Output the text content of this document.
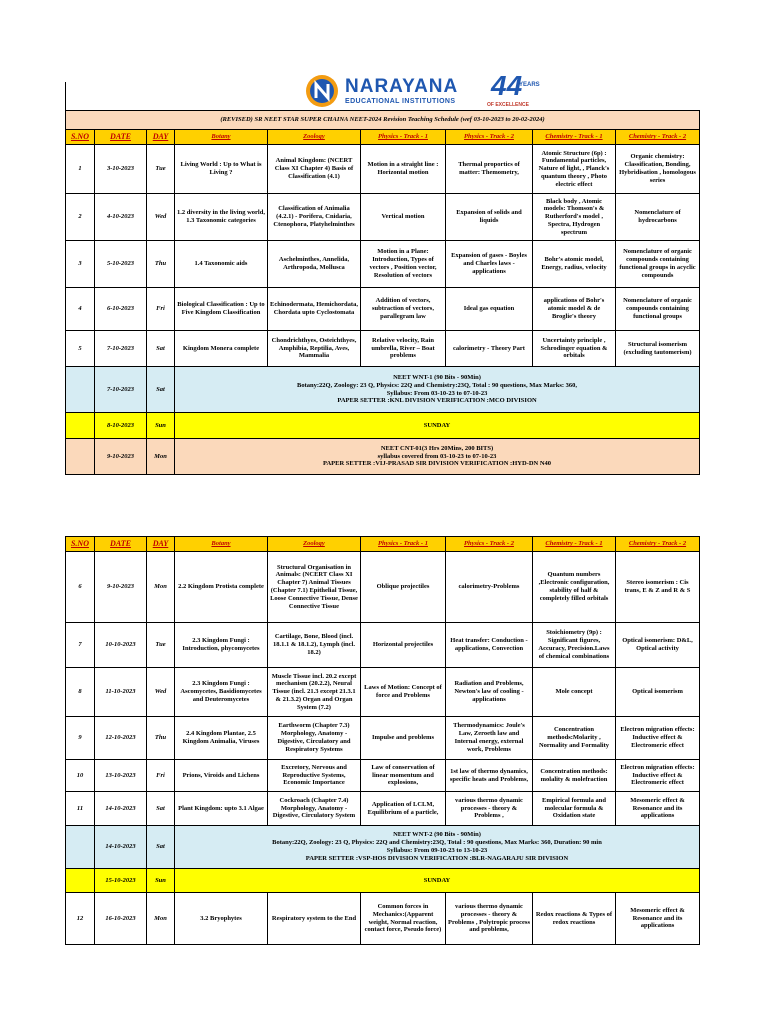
NARAYANA
EDUCATIONAL INSTITUTIONS
44
YEARS
OF EXCELLENCE
(REVISED) SR NEET STAR SUPER CHAINA NEET-2024 Revision Teaching Schedule (wef 03-10-2023 to 20-02-2024)								
S.NO	DATE	DAY	Botany	Zoology	Physics - Track - 1	Physics - Track - 2	Chemistry - Track - 1	Chemistry - Track - 2
1	3-10-2023	Tue	Living World : Up to What is Living ?	Animal Kingdom: (NCERT Class XI Chapter 4) Basis of Classification (4.1)	Motion in a straight line : Horizontal motion	Thermal proportics of matter: Themometry,	Atomic Structure (6p) : Fundamental particles, Nature of light, , Planck's quantum theory , Photo electric effect	Organic chemistry: Classification, Bonding, Hybridisation , homologous series
2	4-10-2023	Wed	1.2 diversity in the living world, 1.3 Taxonomic categories	Classification of Animalia (4.2.1) - Porifera, Cnidaria, Ctenophora, Platyhelminthes	Vertical motion	Expansion of solids and liquids	Black body , Atomic models: Thomson's & Rutherford's model , Spectra, Hydrogen spectrum	Nomenclature of hydrocarbons
3	5-10-2023	Thu	1.4 Taxonomic aids	Aschelminthes, Annelida, Arthropoda, Mollusca	Motion in a Plane: Introduction, Types of vectors , Position vector, Resolution of vectors	Expansion of gases - Boyles and Charles laws - applications	Bohr's atomic model, Energy, radius, velocity	Nomenclature of organic compounds containing functional groups in acyclic compounds
4	6-10-2023	Fri	Biological Classification : Up to Five Kingdom Classification	Echinodermata, Hemichordata, Chordata upto Cyclostomata	Addition of vectors, subtraction of vectors, parallegram law	Ideal gas equation	applications of Bohr's atomic model & de Broglie's theory	Nomenclature of organic compounds containing functional groups
5	7-10-2023	Sat	Kingdom Monera complete	Chondrichthyes, Osteichthyes, Amphibia, Reptilia, Aves, Mammalia	Relative velocity, Rain umbrella, River – Boat problems	calorimetry - Theory Part	Uncertainty principle , Schrodinger equation & orbitals	Structural isomerism (excluding tautomerism)
	7-10-2023	Sat	NEET WNT-1 (90 Bits - 90Min)
Botany:22Q, Zoology: 23 Q, Physics: 22Q and Chemistry:23Q, Total : 90 questions, Max Marks: 360,
Syllabus: From 03-10-23 to 07-10-23
PAPER SETTER :KNL DIVISION VERIFICATION :MCO DIVISION					

	8-10-2023	Sun	SUNDAY					
	9-10-2023	Mon	NEET CNT-01(3 Hrs 20Mins, 200 BITS)
syllabus covered from 03-10-23 to 07-10-23
PAPER SETTER :VIJ-PRASAD SIR DIVISION VERIFICATION :HYD-DN N40					
S.NO	DATE	DAY	Botany	Zoology	Physics - Track - 1	Physics - Track - 2	Chemistry - Track - 1	Chemistry - Track - 2
6	9-10-2023	Mon	2.2 Kingdom Protista complete	Structural Organisation in Animals: (NCERT Class XI Chapter 7) Animal Tissues (Chapter 7.1) Epithelial Tissue, Loose Connective Tissue, Dense Connective Tissue	Oblique projectiles	calorimetry-Problems	Quantum numbers ,Electronic configuration, stability of half & completely filled orbitals	Stereo isomerism : Cis trans, E & Z and R & S
7	10-10-2023	Tue	2.3 Kingdom Fungi : Introduction, phycomycetes	Cartilage, Bone, Blood (incl. 18.1.1 & 18.1.2), Lymph (incl. 18.2)	Horizontal projectiles	Heat transfer: Conduction - applications, Convection	Stoichiometry (9p) : Significant figures, Accuracy, Precision.Laws of chemical combinations	Optical isomerism: D&L, Optical activity
8	11-10-2023	Wed	2.3 Kingdom Fungi : Ascomycetes, Basidiomycetes and Deuteromycetes	Muscle Tissue incl. 20.2 except mechanism (20.2.2), Neural Tissue (incl. 21.3 except 21.3.1 & 21.3.2) Organ and Organ System (7.2)	Laws of Motion: Concept of force and Problems	Radiation and Problems, Newton's law of cooling - applications	Mole concept	Optical isomerism
9	12-10-2023	Thu	2.4 Kingdom Plantae, 2.5 Kingdom Animalia, Viruses	Earthworm (Chapter 7.3) Morphology, Anatomy - Digestive, Circulatory and Respiratory Systems	Impulse and problems	Thermodynamics: Joule's Law, Zeroeth law and Internal energy, external work, Problems	Concentration methods:Molarity , Normality and Formality	Electron migration effects: Inductive effect & Electromeric effect
10	13-10-2023	Fri	Prions, Viroids and Lichens	Excretory, Nervous and Reproductive Systems, Economic Importance	Law of conservation of linear momentum and explosions,	1st law of thermo dynamics, specific heats and Problems,	Concentration methods: molality & molefraction	Electron migration effects: Inductive effect & Electromeric effect
11	14-10-2023	Sat	Plant Kingdom: upto 3.1 Algae	Cockroach (Chapter 7.4) Morphology, Anatomy - Digestive, Circulatory System	Application of LCLM, Equilibrium of a particle,	various thermo dynamic processes - theory & Problems ,	Empirical formula and molecular formula & Oxidation state	Mesomeric effect & Resonance and its applications
	14-10-2023	Sat	NEET WNT-2 (90 Bits - 90Min)
Botany:22Q, Zoology: 23 Q, Physics: 22Q and Chemistry:23Q, Total : 90 questions, Max Marks: 360, Duration: 90 min
Syllabus: From 09-10-23 to 13-10-23
PAPER SETTER :VSP-HOS DIVISION VERIFICATION :BLR-NAGARAJU SIR DIVISION					

	15-10-2023	Sun	SUNDAY					
12	16-10-2023	Mon	3.2 Bryophytes	Respiratory system to the End	Common forces in Mechanics:(Apparent weight, Normal reaction, contact force, Pseudo force)	various thermo dynamic processes - theory & Problems , Polytropic process and problems,	Redox reactions & Types of redox reactions	Mesomeric effect & Resonance and its applications
